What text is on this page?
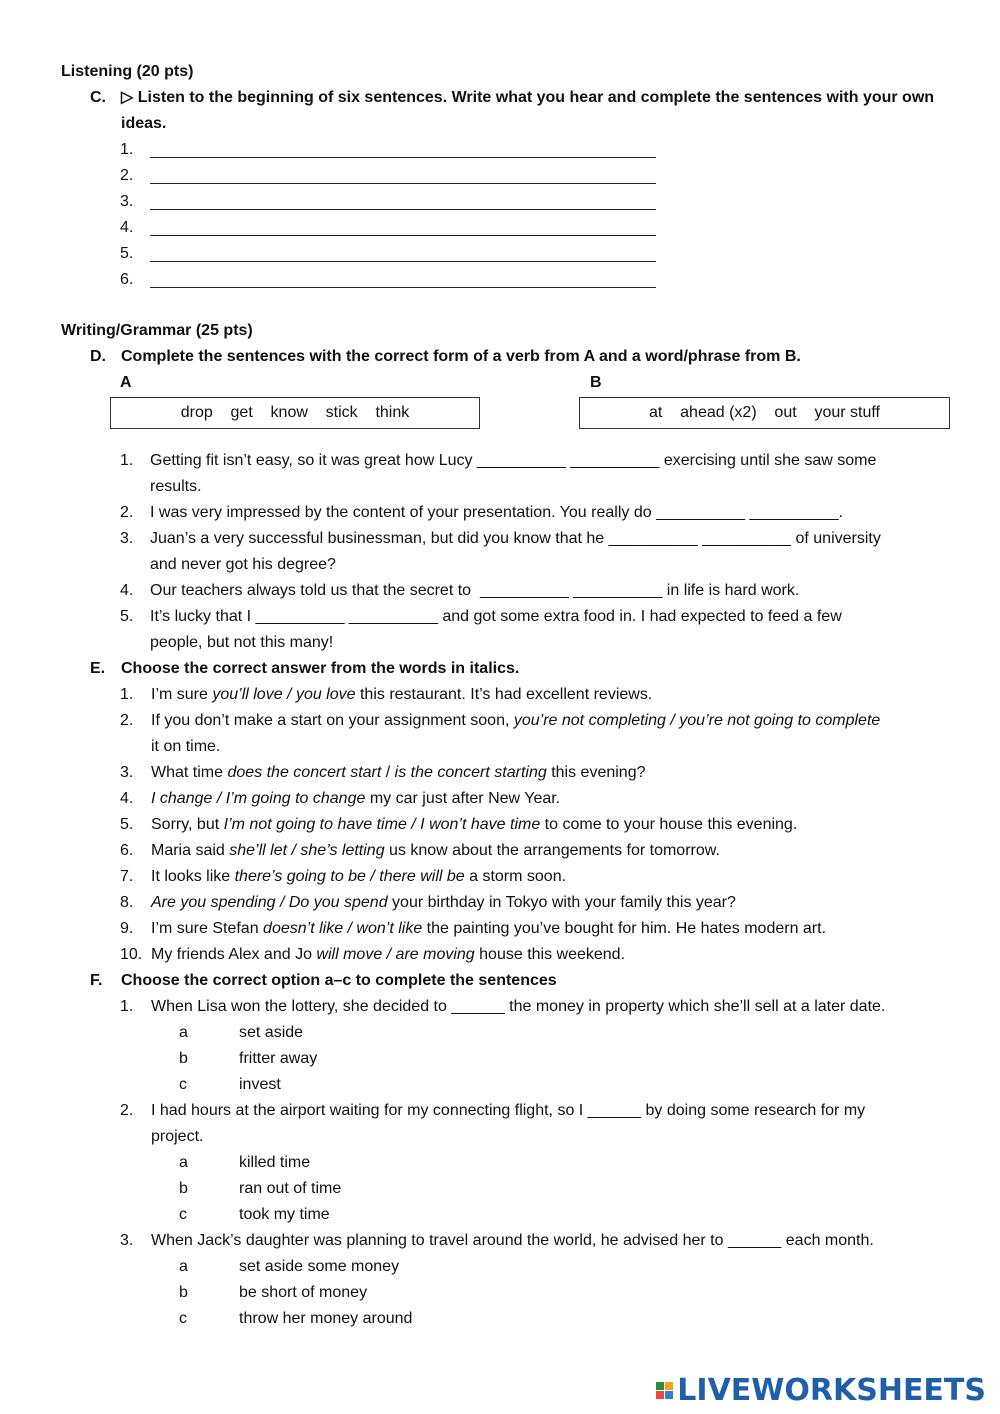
Listening (20 pts)
C. ▷ Listen to the beginning of six sentences. Write what you hear and complete the sentences with your own
ideas.
1.
2.
3.
4.
5.
6.
Writing/Grammar (25 pts)
D. Complete the sentences with the correct form of a verb from A and a word/phrase from B.
A	B
drop    get    know    stick    think	at    ahead (x2)    out    your stuff
1. Getting fit isn’t easy, so it was great how Lucy __________ __________ exercising until she saw some
results.
2. I was very impressed by the content of your presentation. You really do __________ __________.
3. Juan’s a very successful businessman, but did you know that he __________ __________ of university
and never got his degree?
4. Our teachers always told us that the secret to  __________ __________ in life is hard work.
5. It’s lucky that I __________ __________ and got some extra food in. I had expected to feed a few
people, but not this many!
E. Choose the correct answer from the words in italics.
1. I’m sure you’ll love / you love this restaurant. It’s had excellent reviews.
2. If you don’t make a start on your assignment soon, you’re not completing / you’re not going to complete
it on time.
3. What time does the concert start / is the concert starting this evening?
4. I change / I’m going to change my car just after New Year.
5. Sorry, but I’m not going to have time / I won’t have time to come to your house this evening.
6. Maria said she’ll let / she’s letting us know about the arrangements for tomorrow.
7. It looks like there’s going to be / there will be a storm soon.
8. Are you spending / Do you spend your birthday in Tokyo with your family this year?
9. I’m sure Stefan doesn’t like / won’t like the painting you’ve bought for him. He hates modern art.
10. My friends Alex and Jo will move / are moving house this weekend.
F. Choose the correct option a–c to complete the sentences
1. When Lisa won the lottery, she decided to ______ the money in property which she’ll sell at a later date.
a	set aside
b	fritter away
c	invest
2. I had hours at the airport waiting for my connecting flight, so I ______ by doing some research for my
project.
a	killed time
b	ran out of time
c	took my time
3. When Jack’s daughter was planning to travel around the world, he advised her to ______ each month.
a	set aside some money
b	be short of money
c	throw her money around
LIVEWORKSHEETS
